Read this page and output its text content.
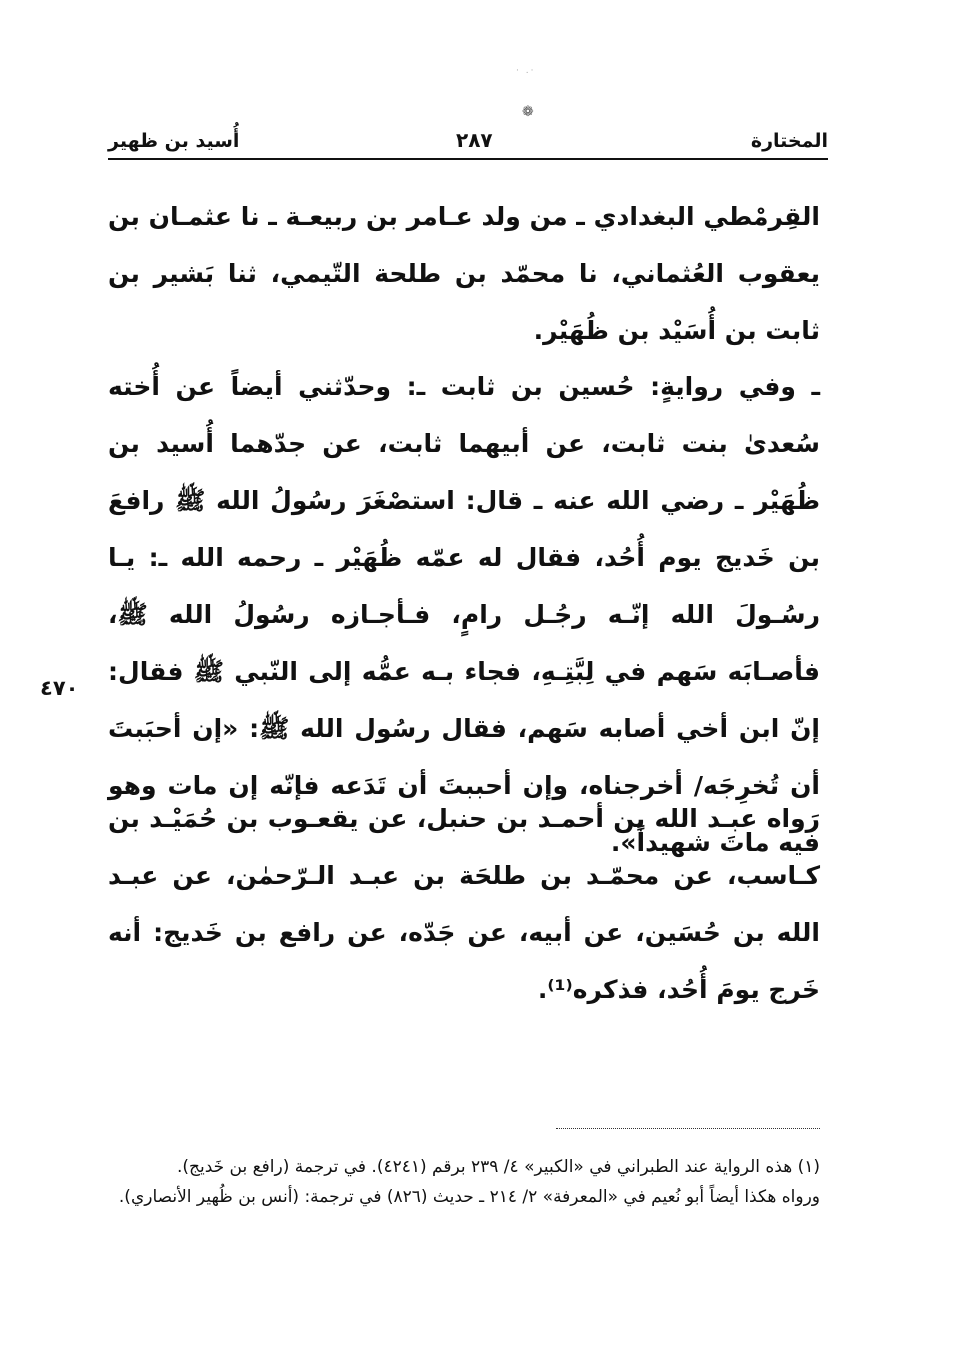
· .·
❁
المختارة
٢٨٧
أُسيد بن ظهير

القِرمْطي البغدادي ـ من ولد عـامر بن ربيعـة ـ نا عثمـان بن يعقوب العُثماني، نا محمّد بن طلحة التّيمي، ثنا بَشير بن ثابت بن أُسَيْد بن ظُهَيْر.

ـ وفي روايةٍ: حُسين بن ثابت ـ: وحدّثني أيضاً عن أُخته سُعدىٰ بنت ثابت، عن أبيهما ثابت، عن جدّهما أُسيد بن ظُهَيْر ـ رضي الله عنه ـ قال: استصْغَرَ رسُولُ الله ﷺ رافعَ بن خَديج يوم أُحُد، فقال له عمّه ظُهَيْر ـ رحمه الله ـ: يـا رسُـولَ الله إنّـه رجُـل رامٍ، فـأجـازه رسُولُ الله ﷺ، فأصـابَه سَهم في لِبَّتِـهِ، فجاء بـه عمُّه إلى النّبي ﷺ فقال: إنّ ابن أخي أصابه سَهم، فقال رسُول الله ﷺ: «إن أحبَبتَ أن تُخرِجَه/ أخرجناه، وإن أحببتَ أن تَدَعه فإنّه إن مات وهو فيه ماتَ شهيداً».

رَواه عبـد الله بن أحمـد بن حنبل، عن يقعـوب بن حُمَيْـد بن كـاسب، عن محمّـد بن طلحَة بن عبـد الـرّحمٰن، عن عبـد الله بن حُسَين، عن أبيه، عن جَدّه، عن رافع بن خَديج: أنه خَرج يومَ أُحُد، فذكره⁽¹⁾.

٤٧٠

(١) هذه الرواية عند الطبراني في «الكبير» ٤/ ٢٣٩ برقم (٤٢٤١). في ترجمة (رافع بن خَديج).

ورواه هكذا أيضاً أبو نُعيم في «المعرفة» ٢/ ٢١٤ ـ حديث (٨٢٦) في ترجمة: (أنس بن ظُهير الأنصاري).
